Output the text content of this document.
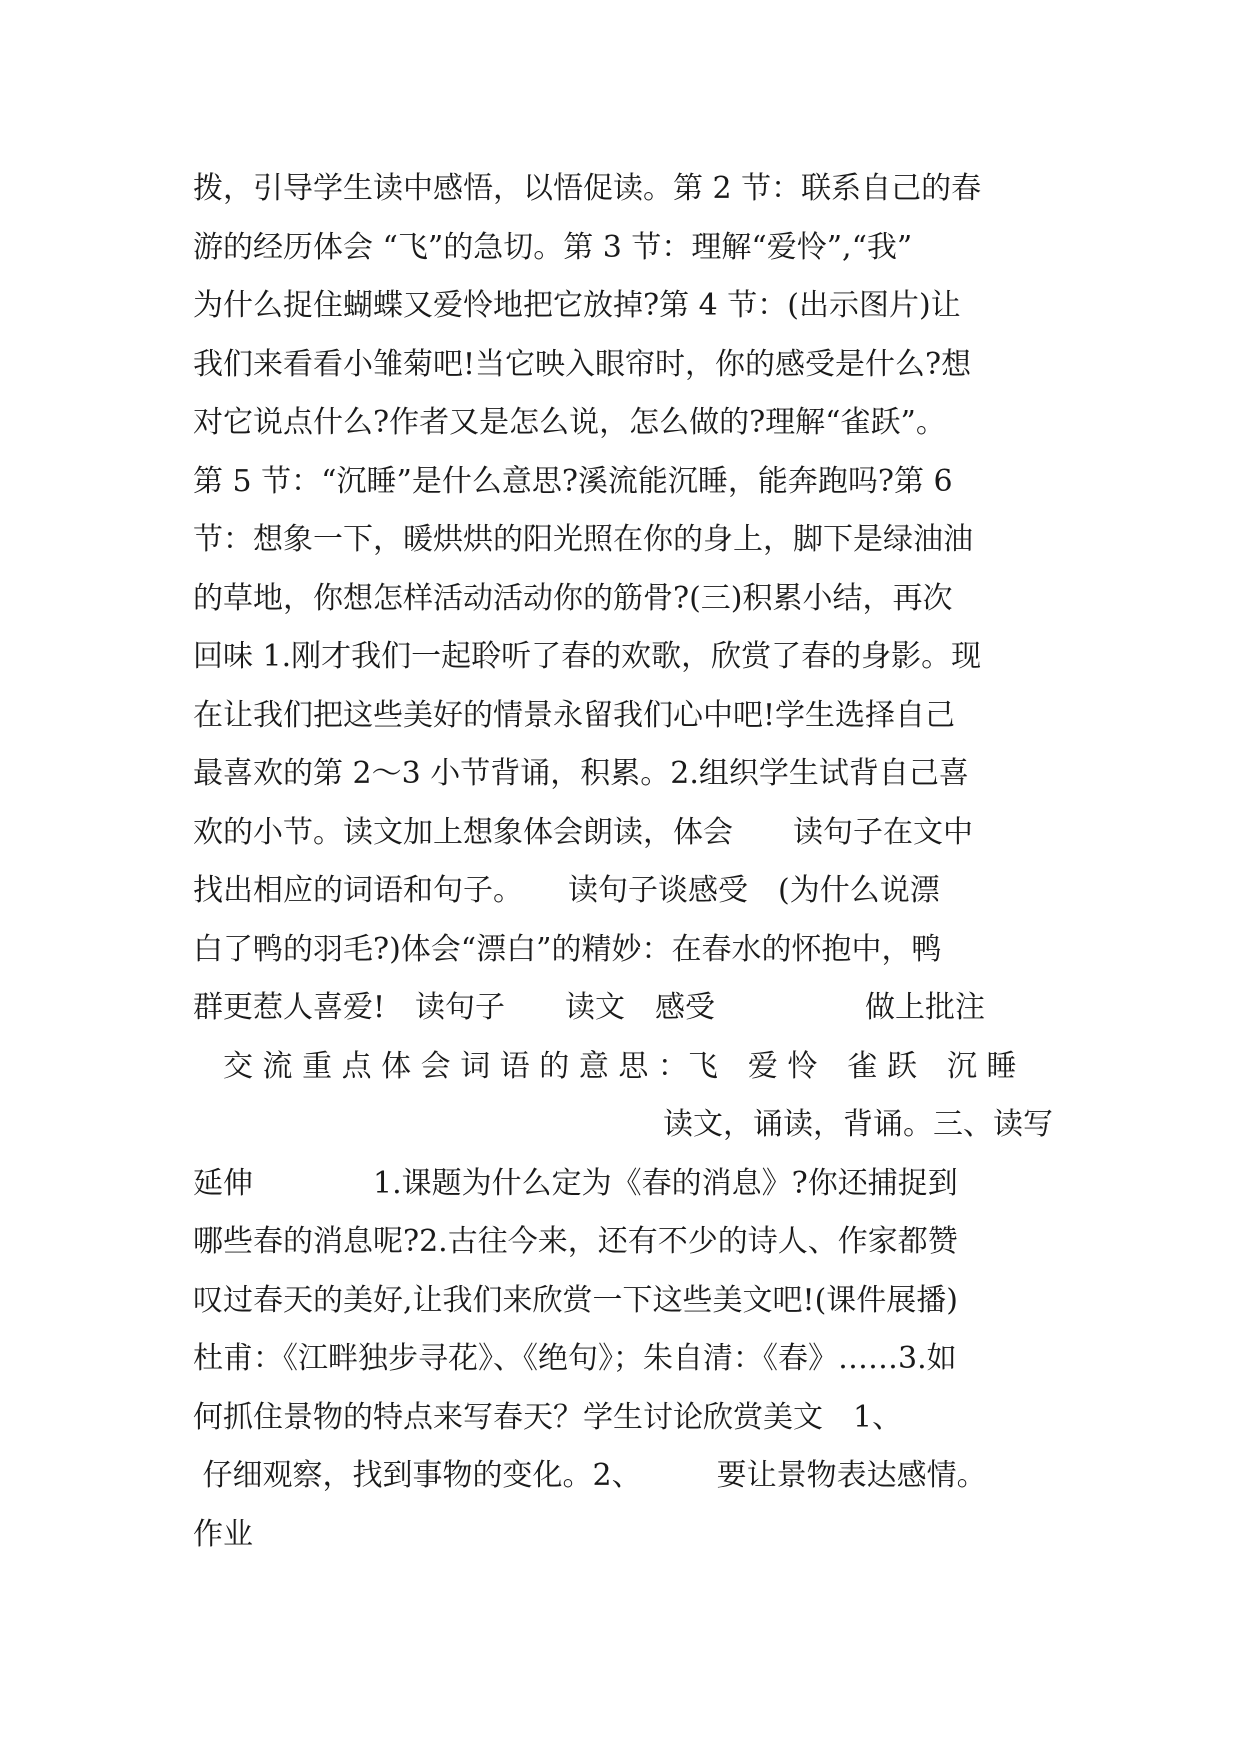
拨，引导学生读中感悟，以悟促读。第 2 节：联系自己的春
游的经历体会 “飞”的急切。第 3 节：理解“爱怜”,“我”
为什么捉住蝴蝶又爱怜地把它放掉?第 4 节：(出示图片)让
我们来看看小雏菊吧!当它映入眼帘时，你的感受是什么?想
对它说点什么?作者又是怎么说，怎么做的?理解“雀跃”。
第 5 节：“沉睡”是什么意思?溪流能沉睡，能奔跑吗?第 6
节：想象一下，暖烘烘的阳光照在你的身上，脚下是绿油油
的草地，你想怎样活动活动你的筋骨?(三)积累小结，再次
回味 1.刚才我们一起聆听了春的欢歌，欣赏了春的身影。现
在让我们把这些美好的情景永留我们心中吧!学生选择自己
最喜欢的第 2～3 小节背诵，积累。2.组织学生试背自己喜
欢的小节。读文加上想象体会朗读，体会　　读句子在文中
找出相应的词语和句子。　　读句子谈感受　(为什么说漂
白了鸭的羽毛?)体会“漂白”的精妙：在春水的怀抱中，鸭
群更惹人喜爱!　读句子　　读文　感受　　　　　做上批注
　交 流 重 点 体 会 词 语 的 意 思 ：飞　爱 怜　雀 跃　沉 睡
读文，诵读，背诵。三、读写
延伸　　　　1.课题为什么定为《春的消息》?你还捕捉到
哪些春的消息呢?2.古往今来，还有不少的诗人、作家都赞
叹过春天的美好,让我们来欣赏一下这些美文吧!(课件展播)
杜甫：《江畔独步寻花》、《绝句》；朱自清：《春》……3.如
何抓住景物的特点来写春天？学生讨论欣赏美文　1、
仔细观察，找到事物的变化。2、　　　要让景物表达感情。
作业
